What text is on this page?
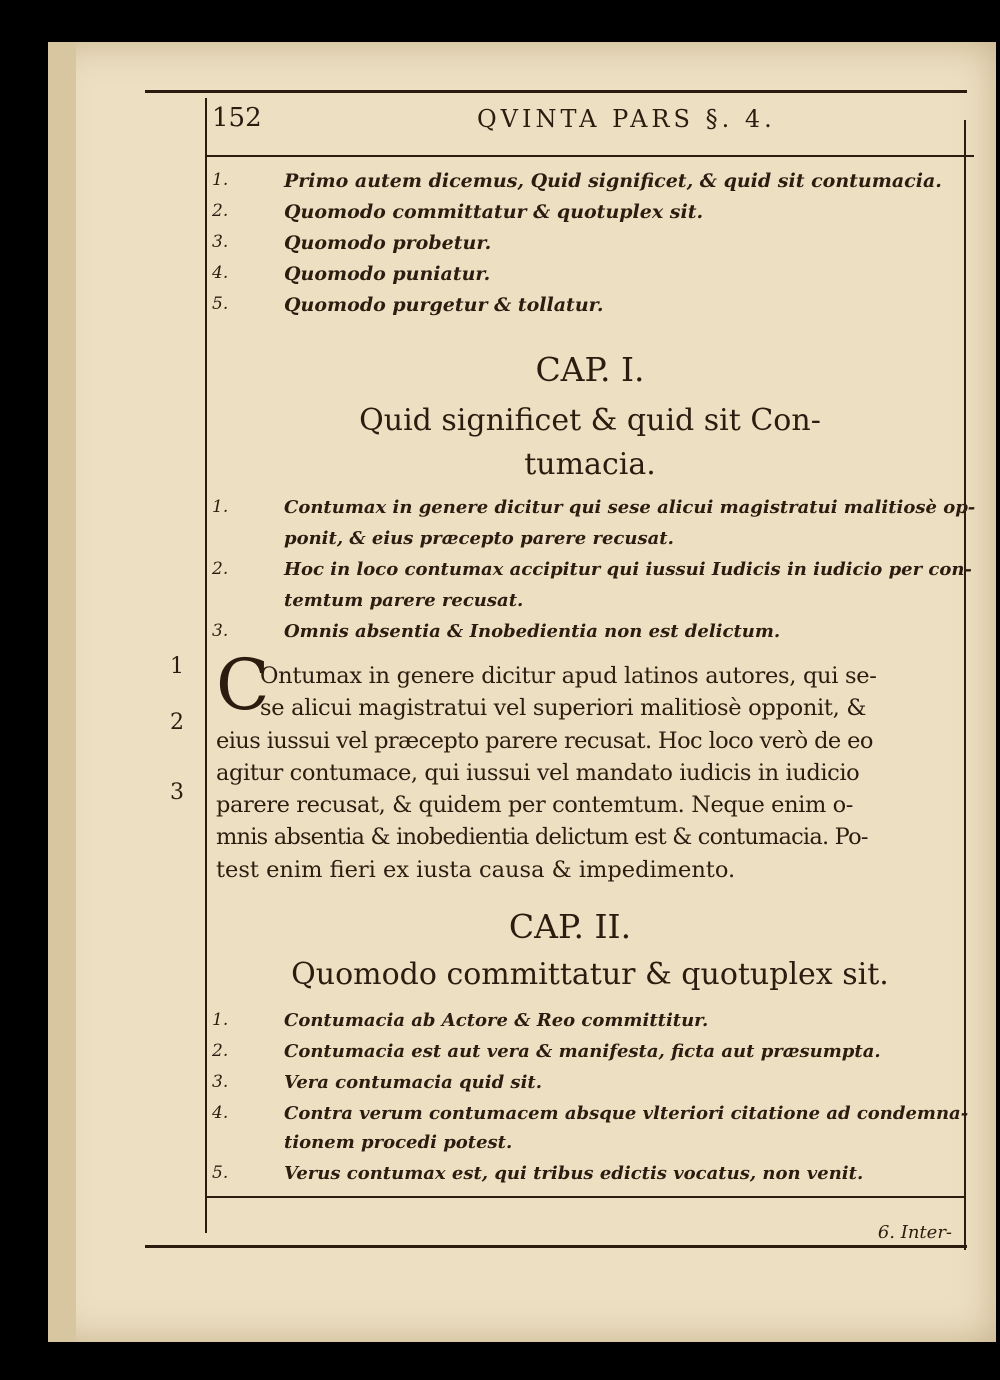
152	QVINTA PARS §. 4.
1.	Primo autem dicemus, Quid significet, & quid sit contumacia.
2.	Quomodo committatur & quotuplex sit.
3.	Quomodo probetur.
4.	Quomodo puniatur.
5.	Quomodo purgetur & tollatur.
CAP. I.
Quid significet & quid sit Con-
tumacia.
1.	Contumax in genere dicitur qui sese alicui magistratui malitiosè op-
ponit, & eius præcepto parere recusat.
2.	Hoc in loco contumax accipitur qui iussui Iudicis in iudicio per con-
temtum parere recusat.
3.	Omnis absentia & Inobedientia non est delictum.
1
2
3
C
Ontumax in genere dicitur apud latinos autores, qui se-
se alicui magistratui vel superiori malitiosè opponit, &
eius iussui vel præcepto parere recusat. Hoc loco verò de eo
agitur contumace, qui iussui vel mandato iudicis in iudicio
parere recusat, & quidem per contemtum. Neque enim o-
mnis absentia & inobedientia delictum est & contumacia. Po-
test enim fieri ex iusta causa & impedimento.
CAP. II.
Quomodo committatur & quotuplex sit.
1.	Contumacia ab Actore & Reo committitur.
2.	Contumacia est aut vera & manifesta, ficta aut præsumpta.
3.	Vera contumacia quid sit.
4.	Contra verum contumacem absque vlteriori citatione ad condemna-
tionem procedi potest.
5.	Verus contumax est, qui tribus edictis vocatus, non venit.
6. Inter-
